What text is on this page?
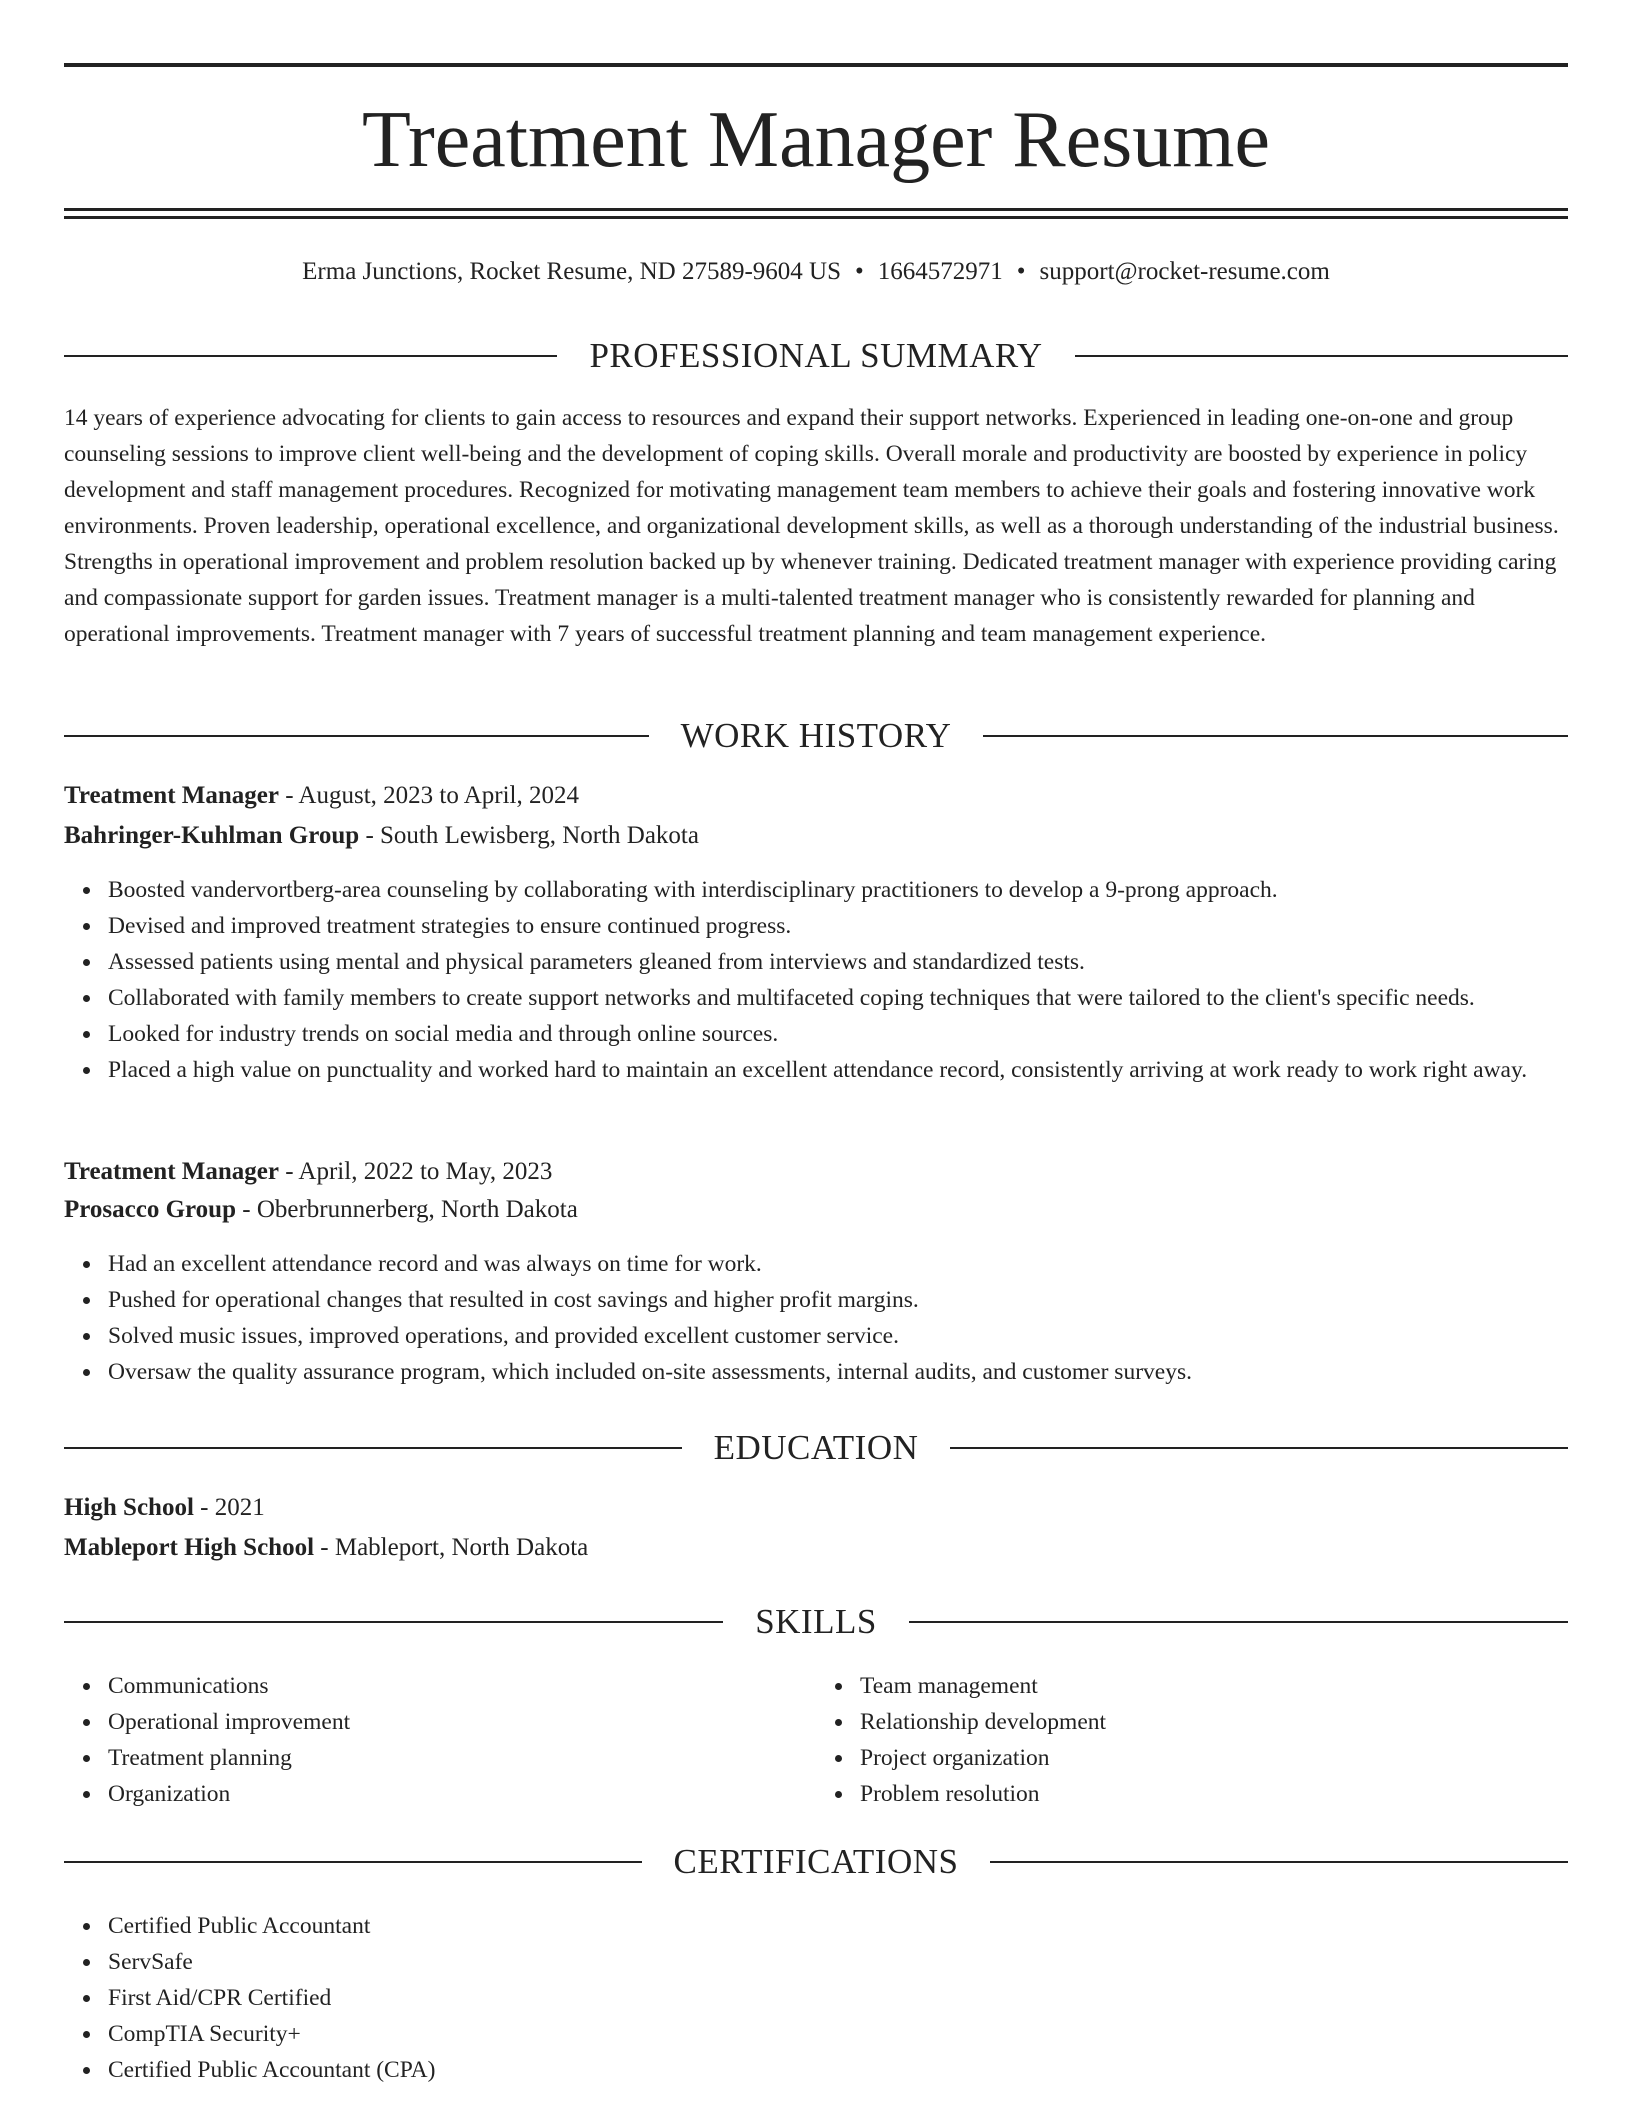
Treatment Manager Resume
Erma Junctions, Rocket Resume, ND 27589-9604 US • 1664572971 • support@rocket-resume.com
PROFESSIONAL SUMMARY

14 years of experience advocating for clients to gain access to resources and expand their support networks. Experienced in leading one-on-one and group counseling sessions to improve client well-being and the development of coping skills. Overall morale and productivity are boosted by experience in policy development and staff management procedures. Recognized for motivating management team members to achieve their goals and fostering innovative work environments. Proven leadership, operational excellence, and organizational development skills, as well as a thorough understanding of the industrial business. Strengths in operational improvement and problem resolution backed up by whenever training. Dedicated treatment manager with experience providing caring and compassionate support for garden issues. Treatment manager is a multi-talented treatment manager who is consistently rewarded for planning and operational improvements. Treatment manager with 7 years of successful treatment planning and team management experience.

WORK HISTORY
Treatment Manager - August, 2023 to April, 2024
Bahringer-Kuhlman Group - South Lewisberg, North Dakota
Boosted vandervortberg-area counseling by collaborating with interdisciplinary practitioners to develop a 9-prong approach.
Devised and improved treatment strategies to ensure continued progress.
Assessed patients using mental and physical parameters gleaned from interviews and standardized tests.
Collaborated with family members to create support networks and multifaceted coping techniques that were tailored to the client's specific needs.
Looked for industry trends on social media and through online sources.
Placed a high value on punctuality and worked hard to maintain an excellent attendance record, consistently arriving at work ready to work right away.
Treatment Manager - April, 2022 to May, 2023
Prosacco Group - Oberbrunnerberg, North Dakota
Had an excellent attendance record and was always on time for work.
Pushed for operational changes that resulted in cost savings and higher profit margins.
Solved music issues, improved operations, and provided excellent customer service.
Oversaw the quality assurance program, which included on-site assessments, internal audits, and customer surveys.
EDUCATION
High School - 2021
Mableport High School - Mableport, North Dakota
SKILLS
Communications
Operational improvement
Treatment planning
Organization
Team management
Relationship development
Project organization
Problem resolution
CERTIFICATIONS
Certified Public Accountant
ServSafe
First Aid/CPR Certified
CompTIA Security+
Certified Public Accountant (CPA)
